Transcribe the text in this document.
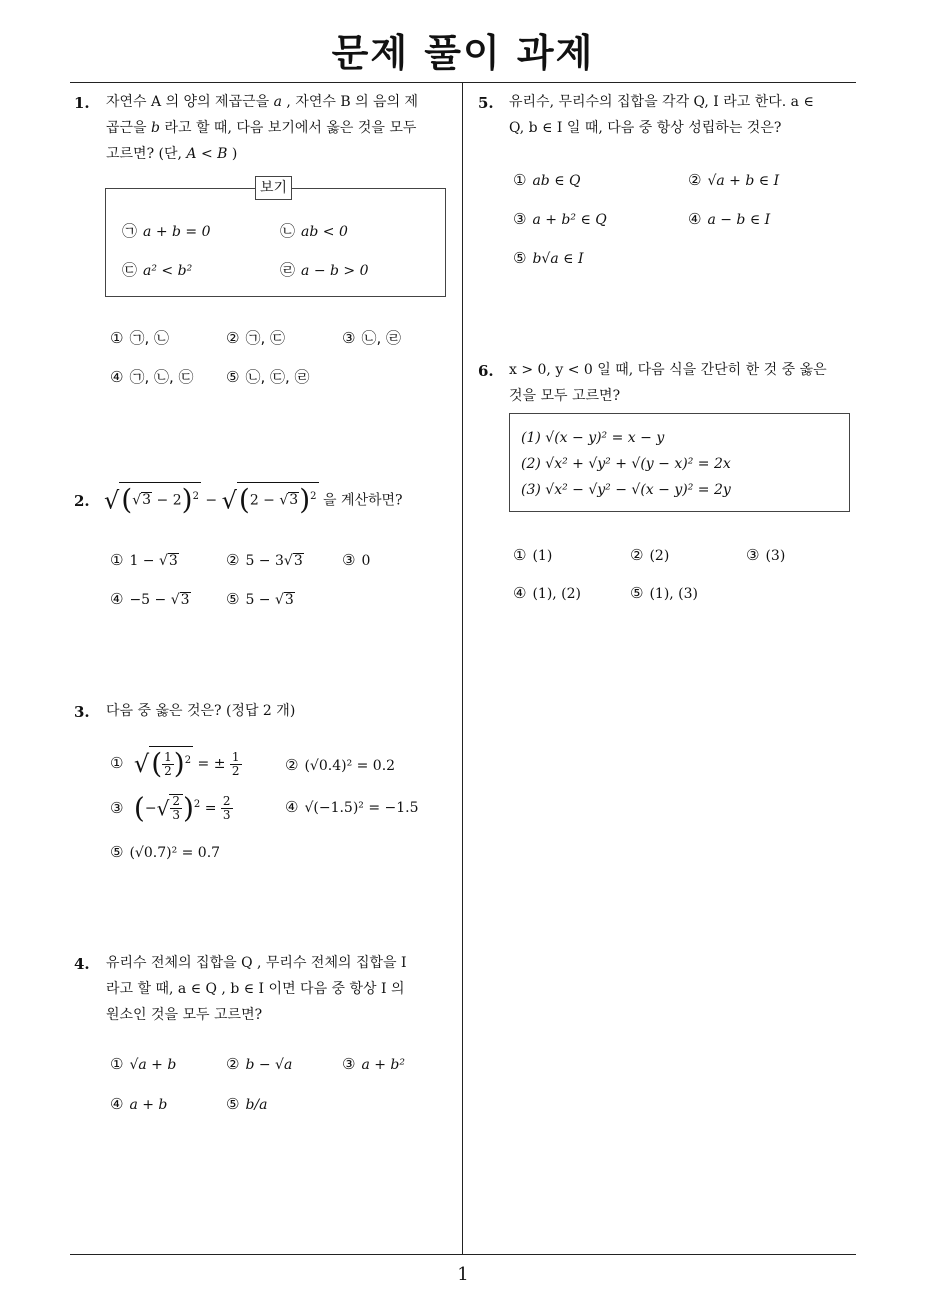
문제 풀이 과제
1
1. 자연수 A 의 양의 제곱근을 a , 자연수 B 의 음의 제
곱근을 b 라고 할 때, 다음 보기에서 옳은 것을 모두
고르면? (단, A < B )
보기
㉠ a + b = 0	㉡ ab < 0
㉢ a² < b²	㉣ a − b > 0
① ㉠, ㉡	② ㉠, ㉢	③ ㉡, ㉣
④ ㉠, ㉡, ㉢ ⑤ ㉡, ㉢, ㉣
2. $√(√3 - 2)^2 - √(2 - √3)^2$ 을 계산하면?
① 1 − √3	② 5 − 3√3	③ 0
④ −5 − √3 ⑤ 5 − √3
3. 다음 중 옳은 것은? (정답 2 개)
① √( $\frac{1}{2} )^2$ = ± $\frac{1}{2}$	② (√0.4)² = 0.2
③ (−√ $\frac{2}{3} )^2 = \frac{2}{3}$	④ √(−1.5)² = −1.5
⑤ (√0.7)² = 0.7
4. 유리수 전체의 집합을 Q , 무리수 전체의 집합을 I
라고 할 때, a ∈ Q , b ∈ I 이면 다음 중 항상 I 의
원소인 것을 모두 고르면?
① √a + b	② b − √a	③ a + b²
④ a + b	⑤ b/a
5. 유리수, 무리수의 집합을 각각 Q, I 라고 한다. a ∈
Q, b ∈ I 일 때, 다음 중 항상 성립하는 것은?
① ab ∈ Q	② √a + b ∈ I
③ a + b² ∈ Q	④ a − b ∈ I
⑤ b√a ∈ I
6. x > 0, y < 0 일 때, 다음 식을 간단히 한 것 중 옳은
것을 모두 고르면?
(1) √(x − y)² = x − y
(2) √x² + √y² + √(y − x)² = 2x
(3) √x² − √y² − √(x − y)² = 2y
① (1)	② (2)	③ (3)
④ (1), (2)	⑤ (1), (3)
